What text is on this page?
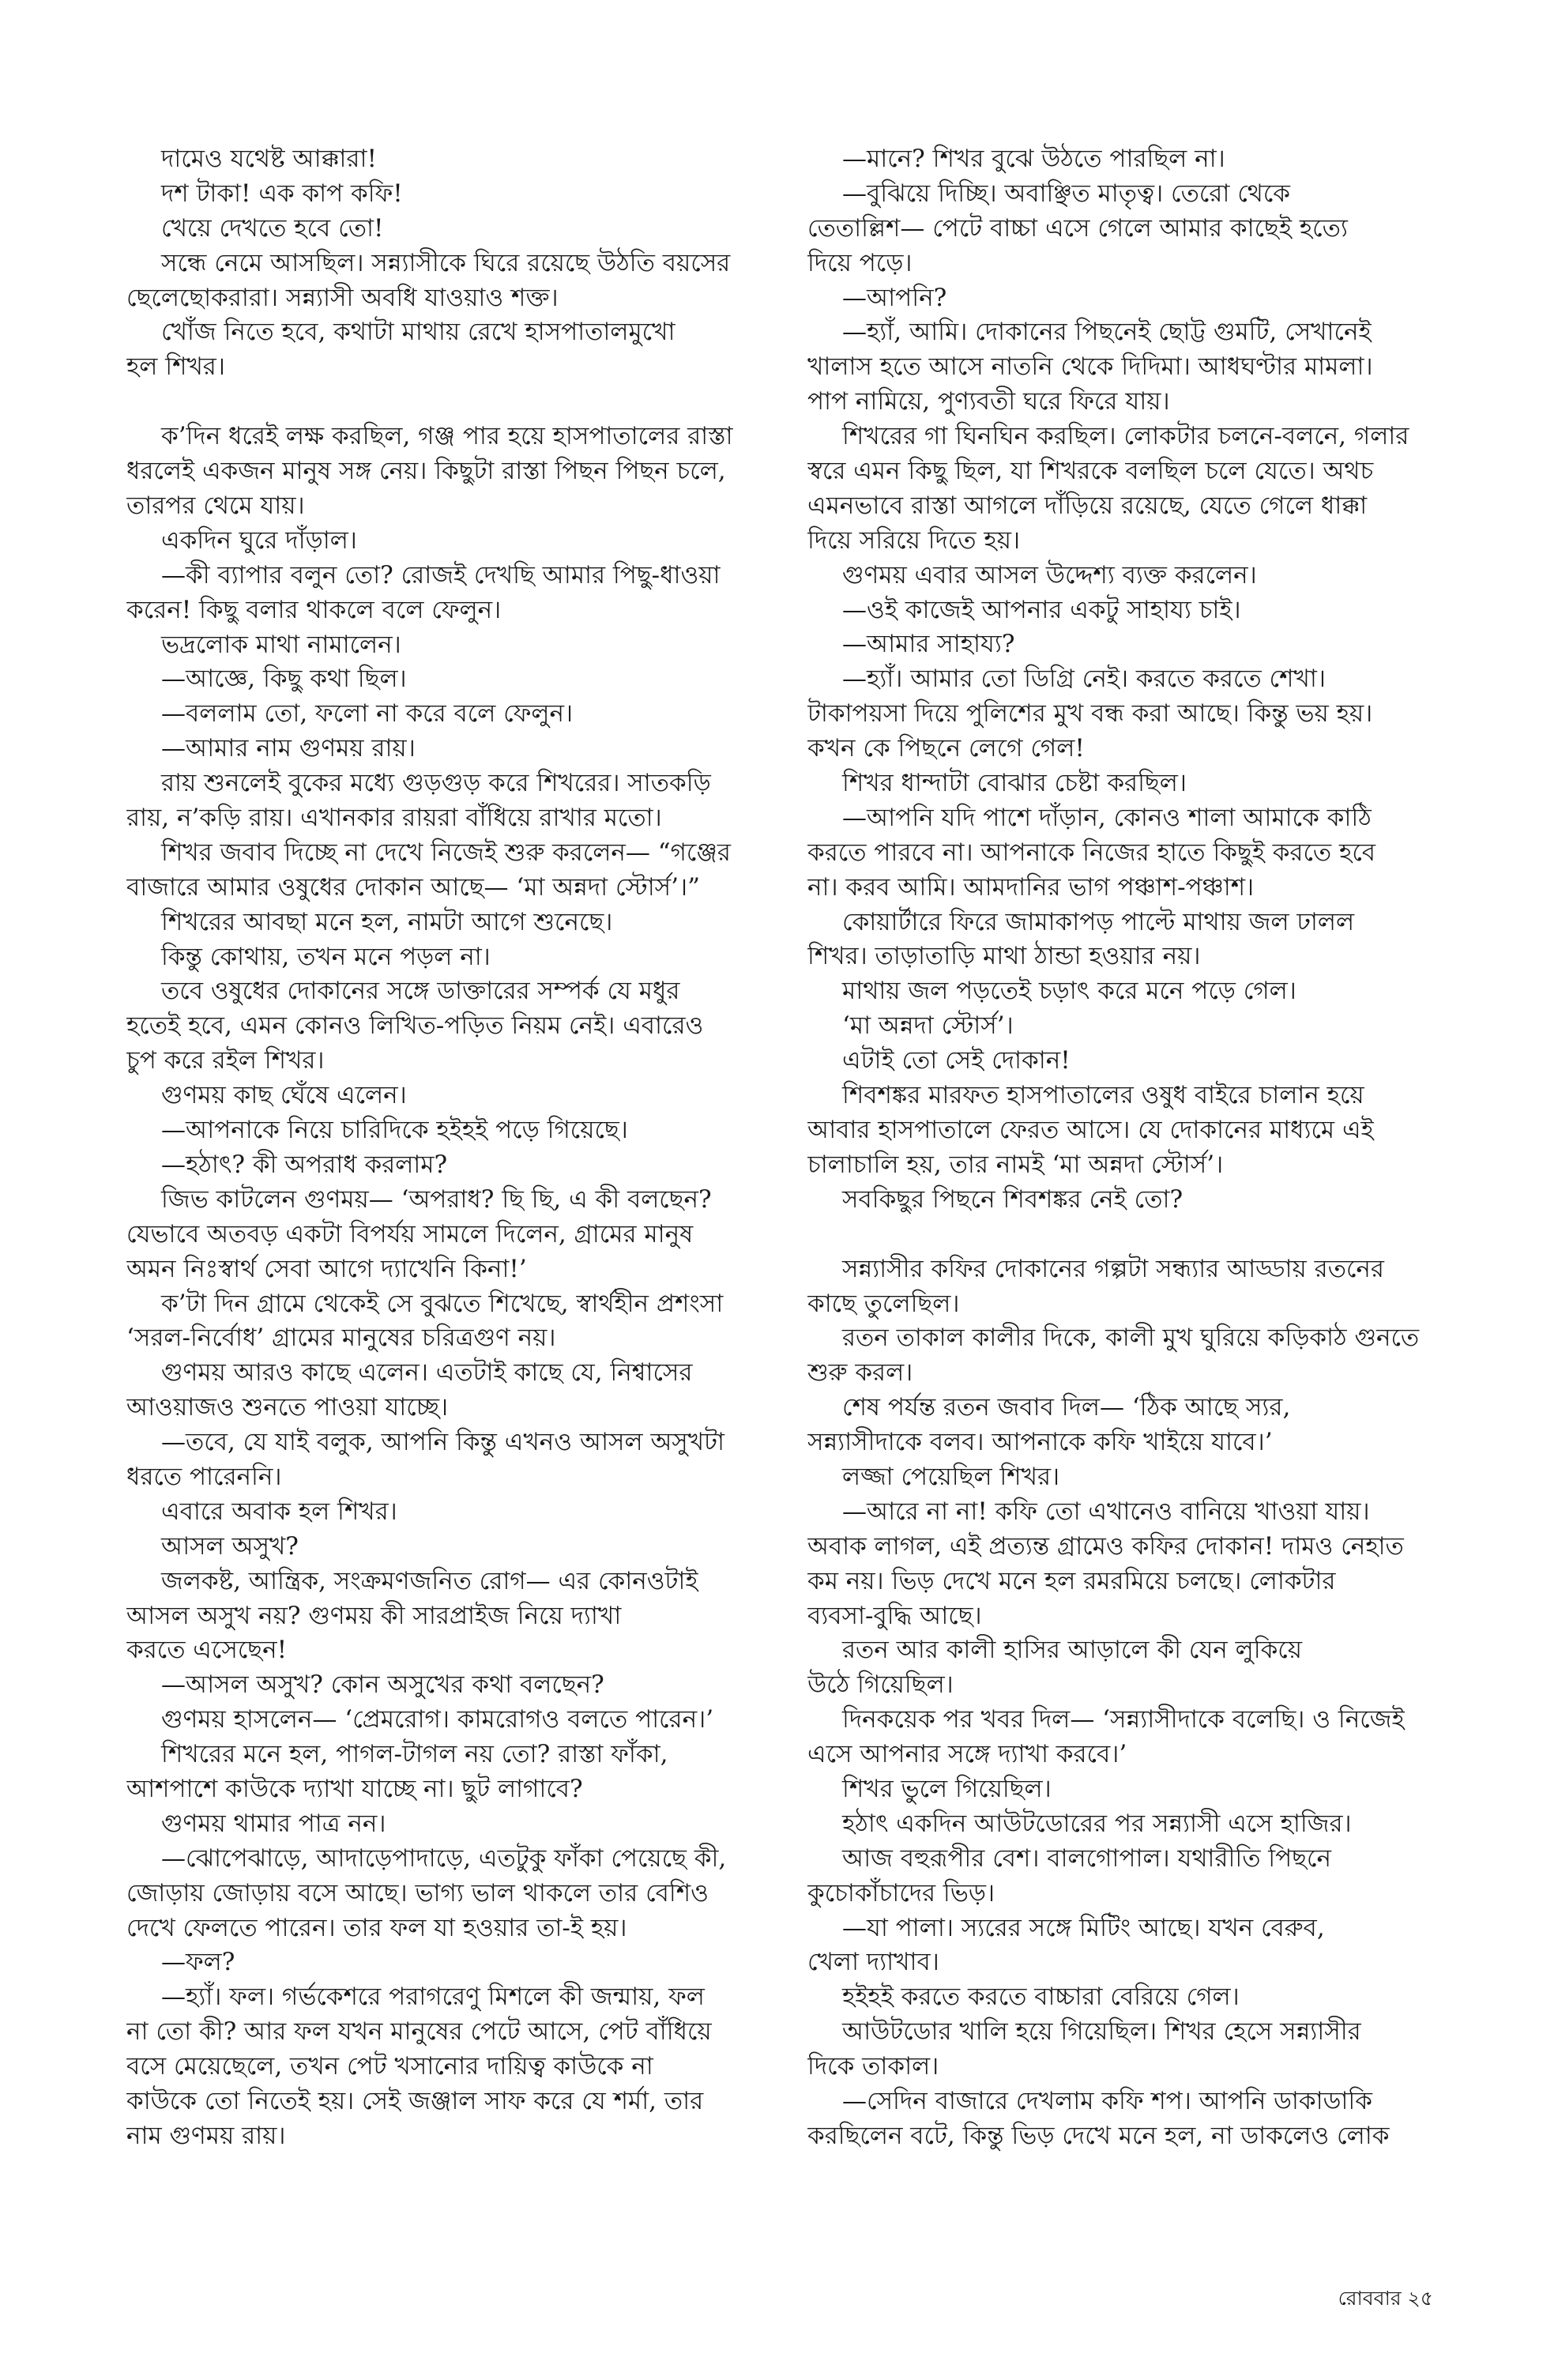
দামেও যথেষ্ট আক্কারা!
দশ টাকা! এক কাপ কফি!
খেয়ে দেখতে হবে তো!
সন্ধে নেমে আসছিল। সন্ন্যাসীকে ঘিরে রয়েছে উঠতি বয়সের
ছেলেছোকরারা। সন্ন্যাসী অবধি যাওয়াও শক্ত।
খোঁজ নিতে হবে, কথাটা মাথায় রেখে হাসপাতালমুখো
হল শিখর।
ক’দিন ধরেই লক্ষ করছিল, গঞ্জ পার হয়ে হাসপাতালের রাস্তা
ধরলেই একজন মানুষ সঙ্গ নেয়। কিছুটা রাস্তা পিছন পিছন চলে,
তারপর থেমে যায়।
একদিন ঘুরে দাঁড়াল।
—কী ব্যাপার বলুন তো? রোজই দেখছি আমার পিছু-ধাওয়া
করেন! কিছু বলার থাকলে বলে ফেলুন।
ভদ্রলোক মাথা নামালেন।
—আজ্ঞে, কিছু কথা ছিল।
—বললাম তো, ফলো না করে বলে ফেলুন।
—আমার নাম গুণময় রায়।
রায় শুনলেই বুকের মধ্যে গুড়গুড় করে শিখরের। সাতকড়ি
রায়, ন’কড়ি রায়। এখানকার রায়রা বাঁধিয়ে রাখার মতো।
শিখর জবাব দিচ্ছে না দেখে নিজেই শুরু করলেন— “গঞ্জের
বাজারে আমার ওষুধের দোকান আছে— ‘মা অন্নদা স্টোর্স’।”
শিখরের আবছা মনে হল, নামটা আগে শুনেছে।
কিন্তু কোথায়, তখন মনে পড়ল না।
তবে ওষুধের দোকানের সঙ্গে ডাক্তারের সম্পর্ক যে মধুর
হতেই হবে, এমন কোনও লিখিত-পড়িত নিয়ম নেই। এবারেও
চুপ করে রইল শিখর।
গুণময় কাছ ঘেঁষে এলেন।
—আপনাকে নিয়ে চারিদিকে হইহই পড়ে গিয়েছে।
—হঠাৎ? কী অপরাধ করলাম?
জিভ কাটলেন গুণময়— ‘অপরাধ? ছি ছি, এ কী বলছেন?
যেভাবে অতবড় একটা বিপর্যয় সামলে দিলেন, গ্রামের মানুষ
অমন নিঃস্বার্থ সেবা আগে দ্যাখেনি কিনা!’
ক’টা দিন গ্রামে থেকেই সে বুঝতে শিখেছে, স্বার্থহীন প্রশংসা
‘সরল-নির্বোধ’ গ্রামের মানুষের চরিত্রগুণ নয়।
গুণময় আরও কাছে এলেন। এতটাই কাছে যে, নিশ্বাসের
আওয়াজও শুনতে পাওয়া যাচ্ছে।
—তবে, যে যাই বলুক, আপনি কিন্তু এখনও আসল অসুখটা
ধরতে পারেননি।
এবারে অবাক হল শিখর।
আসল অসুখ?
জলকষ্ট, আন্ত্রিক, সংক্রমণজনিত রোগ— এর কোনওটাই
আসল অসুখ নয়? গুণময় কী সারপ্রাইজ নিয়ে দ্যাখা
করতে এসেছেন!
—আসল অসুখ? কোন অসুখের কথা বলছেন?
গুণময় হাসলেন— ‘প্রেমরোগ। কামরোগও বলতে পারেন।’
শিখরের মনে হল, পাগল-টাগল নয় তো? রাস্তা ফাঁকা,
আশপাশে কাউকে দ্যাখা যাচ্ছে না। ছুট লাগাবে?
গুণময় থামার পাত্র নন।
—ঝোপেঝাড়ে, আদাড়েপাদাড়ে, এতটুকু ফাঁকা পেয়েছে কী,
জোড়ায় জোড়ায় বসে আছে। ভাগ্য ভাল থাকলে তার বেশিও
দেখে ফেলতে পারেন। তার ফল যা হওয়ার তা-ই হয়।
—ফল?
—হ্যাঁ। ফল। গর্ভকেশরে পরাগরেণু মিশলে কী জন্মায়, ফল
না তো কী? আর ফল যখন মানুষের পেটে আসে, পেট বাঁধিয়ে
বসে মেয়েছেলে, তখন পেট খসানোর দায়িত্ব কাউকে না
কাউকে তো নিতেই হয়। সেই জঞ্জাল সাফ করে যে শর্মা, তার
নাম গুণময় রায়।
—মানে? শিখর বুঝে উঠতে পারছিল না।
—বুঝিয়ে দিচ্ছি। অবাঞ্ছিত মাতৃত্ব। তেরো থেকে
তেতাল্লিশ— পেটে বাচ্চা এসে গেলে আমার কাছেই হত্যে
দিয়ে পড়ে।
—আপনি?
—হ্যাঁ, আমি। দোকানের পিছনেই ছোট্ট গুমটি, সেখানেই
খালাস হতে আসে নাতনি থেকে দিদিমা। আধঘণ্টার মামলা।
পাপ নামিয়ে, পুণ্যবতী ঘরে ফিরে যায়।
শিখরের গা ঘিনঘিন করছিল। লোকটার চলনে-বলনে, গলার
স্বরে এমন কিছু ছিল, যা শিখরকে বলছিল চলে যেতে। অথচ
এমনভাবে রাস্তা আগলে দাঁড়িয়ে রয়েছে, যেতে গেলে ধাক্কা
দিয়ে সরিয়ে দিতে হয়।
গুণময় এবার আসল উদ্দেশ্য ব্যক্ত করলেন।
—ওই কাজেই আপনার একটু সাহায্য চাই।
—আমার সাহায্য?
—হ্যাঁ। আমার তো ডিগ্রি নেই। করতে করতে শেখা।
টাকাপয়সা দিয়ে পুলিশের মুখ বন্ধ করা আছে। কিন্তু ভয় হয়।
কখন কে পিছনে লেগে গেল!
শিখর ধান্দাটা বোঝার চেষ্টা করছিল।
—আপনি যদি পাশে দাঁড়ান, কোনও শালা আমাকে কাঠি
করতে পারবে না। আপনাকে নিজের হাতে কিছুই করতে হবে
না। করব আমি। আমদানির ভাগ পঞ্চাশ-পঞ্চাশ।
কোয়ার্টারে ফিরে জামাকাপড় পাল্টে মাথায় জল ঢালল
শিখর। তাড়াতাড়ি মাথা ঠান্ডা হওয়ার নয়।
মাথায় জল পড়তেই চড়াৎ করে মনে পড়ে গেল।
‘মা অন্নদা স্টোর্স’।
এটাই তো সেই দোকান!
শিবশঙ্কর মারফত হাসপাতালের ওষুধ বাইরে চালান হয়ে
আবার হাসপাতালে ফেরত আসে। যে দোকানের মাধ্যমে এই
চালাচালি হয়, তার নামই ‘মা অন্নদা স্টোর্স’।
সবকিছুর পিছনে শিবশঙ্কর নেই তো?
সন্ন্যাসীর কফির দোকানের গল্পটা সন্ধ্যার আড্ডায় রতনের
কাছে তুলেছিল।
রতন তাকাল কালীর দিকে, কালী মুখ ঘুরিয়ে কড়িকাঠ গুনতে
শুরু করল।
শেষ পর্যন্ত রতন জবাব দিল— ‘ঠিক আছে স্যর,
সন্ন্যাসীদাকে বলব। আপনাকে কফি খাইয়ে যাবে।’
লজ্জা পেয়েছিল শিখর।
—আরে না না! কফি তো এখানেও বানিয়ে খাওয়া যায়।
অবাক লাগল, এই প্রত্যন্ত গ্রামেও কফির দোকান! দামও নেহাত
কম নয়। ভিড় দেখে মনে হল রমরমিয়ে চলছে। লোকটার
ব্যবসা-বুদ্ধি আছে।
রতন আর কালী হাসির আড়ালে কী যেন লুকিয়ে
উঠে গিয়েছিল।
দিনকয়েক পর খবর দিল— ‘সন্ন্যাসীদাকে বলেছি। ও নিজেই
এসে আপনার সঙ্গে দ্যাখা করবে।’
শিখর ভুলে গিয়েছিল।
হঠাৎ একদিন আউটডোরের পর সন্ন্যাসী এসে হাজির।
আজ বহুরূপীর বেশ। বালগোপাল। যথারীতি পিছনে
কুচোকাঁচাদের ভিড়।
—যা পালা। স্যরের সঙ্গে মিটিং আছে। যখন বেরুব,
খেলা দ্যাখাব।
হইহই করতে করতে বাচ্চারা বেরিয়ে গেল।
আউটডোর খালি হয়ে গিয়েছিল। শিখর হেসে সন্ন্যাসীর
দিকে তাকাল।
—সেদিন বাজারে দেখলাম কফি শপ। আপনি ডাকাডাকি
করছিলেন বটে, কিন্তু ভিড় দেখে মনে হল, না ডাকলেও লোক
রোববার ২৫
